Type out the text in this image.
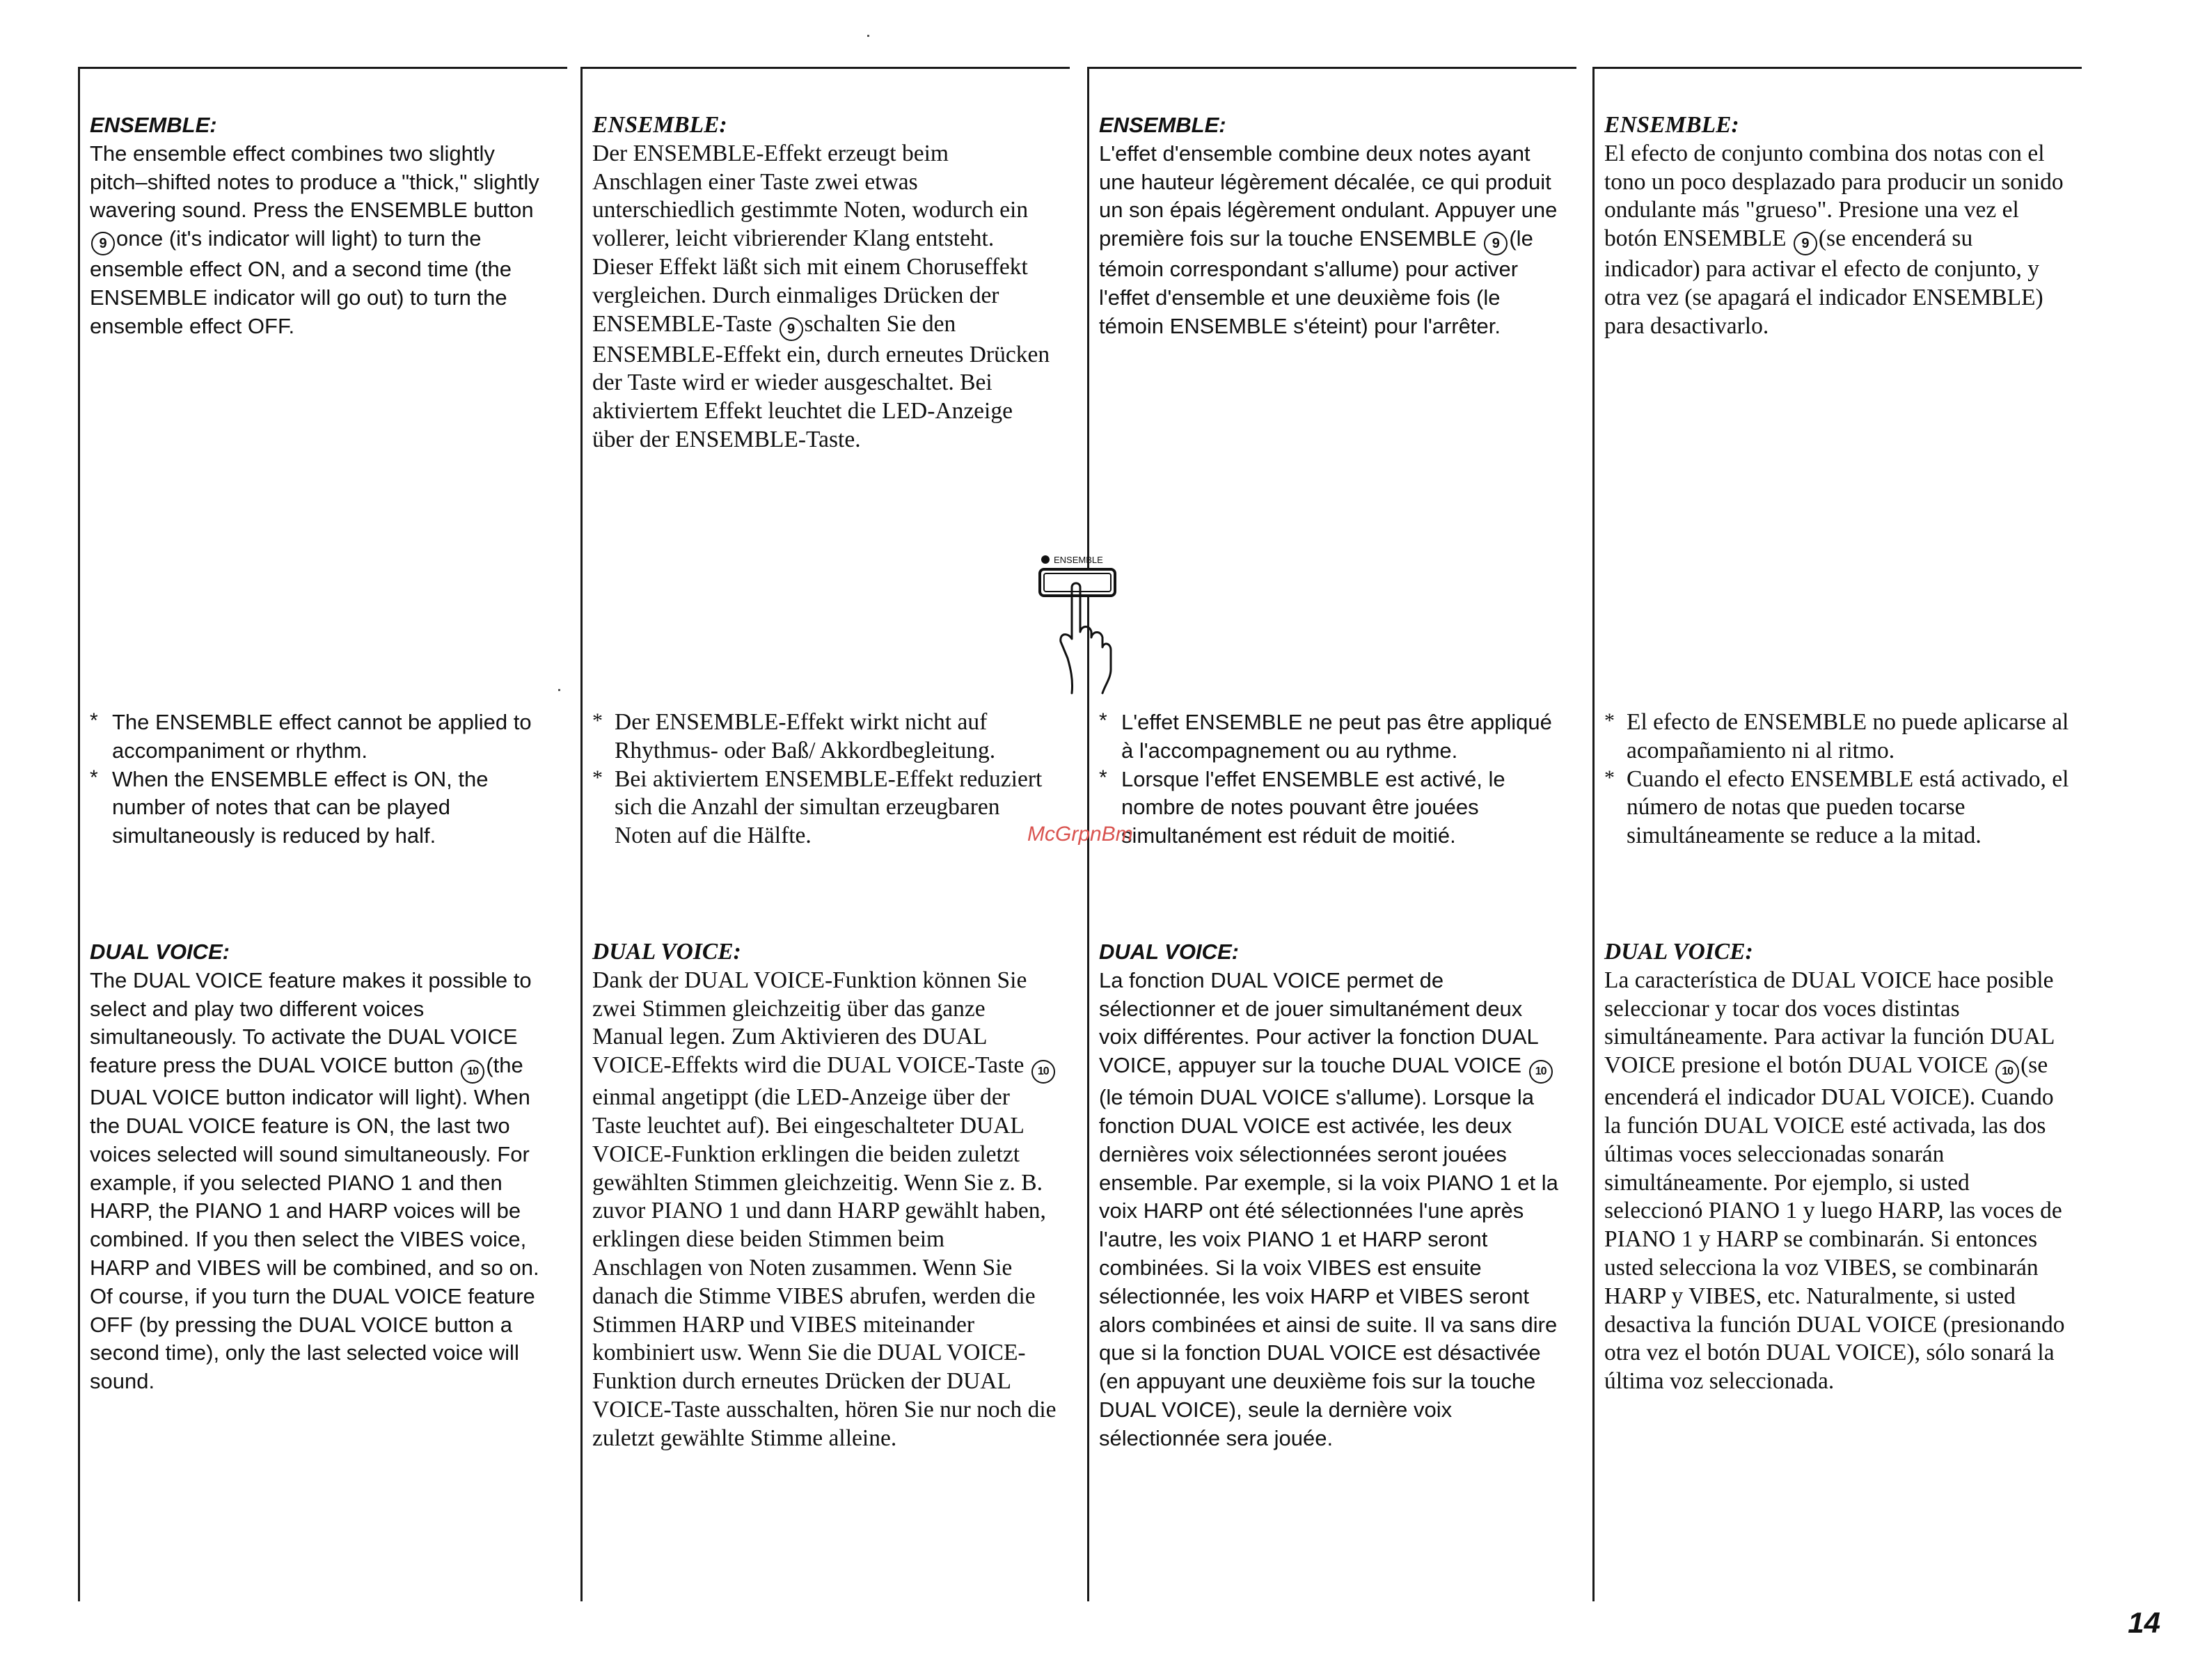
ENSEMBLE:
The ensemble effect combines two slightly pitch–shifted notes to produce a "thick," slightly wavering sound. Press the ENSEMBLE button 9 once (it's indicator will light) to turn the ensemble effect ON, and a second time (the ENSEMBLE indicator will go out) to turn the ensemble effect OFF.

* The ENSEMBLE effect cannot be applied to accompaniment or rhythm.

* When the ENSEMBLE effect is ON, the number of notes that can be played simultaneously is reduced by half.

DUAL VOICE:
The DUAL VOICE feature makes it possible to select and play two different voices simultaneously. To activate the DUAL VOICE feature press the DUAL VOICE button 10 (the DUAL VOICE button indicator will light). When the DUAL VOICE feature is ON, the last two voices selected will sound simultaneously. For example, if you selected PIANO 1 and then HARP, the PIANO 1 and HARP voices will be combined. If you then select the VIBES voice, HARP and VIBES will be combined, and so on. Of course, if you turn the DUAL VOICE feature OFF (by pressing the DUAL VOICE button a second time), only the last selected voice will sound.
ENSEMBLE:
Der ENSEMBLE-Effekt erzeugt beim Anschlagen einer Taste zwei etwas unterschiedlich gestimmte Noten, wodurch ein vollerer, leicht vibrierender Klang entsteht. Dieser Effekt läßt sich mit einem Choruseffekt vergleichen. Durch einmaliges Drücken der ENSEMBLE-Taste 9 schalten Sie den ENSEMBLE-Effekt ein, durch erneutes Drücken der Taste wird er wieder ausgeschaltet. Bei aktiviertem Effekt leuchtet die LED-Anzeige über der ENSEMBLE-Taste.

* Der ENSEMBLE-Effekt wirkt nicht auf Rhythmus- oder Baß/ Akkordbegleitung.

* Bei aktiviertem ENSEMBLE-Effekt reduziert sich die Anzahl der simultan erzeugbaren Noten auf die Hälfte.

DUAL VOICE:
Dank der DUAL VOICE-Funktion können Sie zwei Stimmen gleichzeitig über das ganze Manual legen. Zum Aktivieren des DUAL VOICE-Effekts wird die DUAL VOICE-Taste 10einmal angetippt (die LED-Anzeige über der Taste leuchtet auf). Bei eingeschalteter DUAL VOICE-Funktion erklingen die beiden zuletzt gewählten Stimmen gleichzeitig. Wenn Sie z. B. zuvor PIANO 1 und dann HARP gewählt haben, erklingen diese beiden Stimmen beim Anschlagen von Noten zusammen. Wenn Sie danach die Stimme VIBES abrufen, werden die Stimmen HARP und VIBES miteinander kombiniert usw. Wenn Sie die DUAL VOICE-Funktion durch erneutes Drücken der DUAL VOICE-Taste ausschalten, hören Sie nur noch die zuletzt gewählte Stimme alleine.
ENSEMBLE:
L'effet d'ensemble combine deux notes ayant une hauteur légèrement décalée, ce qui produit un son épais légèrement ondulant. Appuyer une première fois sur la touche ENSEMBLE 9 (le témoin correspondant s'allume) pour activer l'effet d'ensemble et une deuxième fois (le témoin ENSEMBLE s'éteint) pour l'arrêter.

* L'effet ENSEMBLE ne peut pas être appliqué à l'accompagnement ou au rythme.

* Lorsque l'effet ENSEMBLE est activé, le nombre de notes pouvant être jouées simultanément est réduit de moitié.

DUAL VOICE:
La fonction DUAL VOICE permet de sélectionner et de jouer simultanément deux voix différentes. Pour activer la fonction DUAL VOICE, appuyer sur la touche DUAL VOICE 10(le témoin DUAL VOICE s'allume). Lorsque la fonction DUAL VOICE est activée, les deux dernières voix sélectionnées seront jouées ensemble. Par exemple, si la voix PIANO 1 et la voix HARP ont été sélectionnées l'une après l'autre, les voix PIANO 1 et HARP seront combinées. Si la voix VIBES est ensuite sélectionnée, les voix HARP et VIBES seront alors combinées et ainsi de suite. Il va sans dire que si la fonction DUAL VOICE est désactivée (en appuyant une deuxième fois sur la touche DUAL VOICE), seule la dernière voix sélectionnée sera jouée.
ENSEMBLE:
El efecto de conjunto combina dos notas con el tono un poco desplazado para producir un sonido ondulante más "grueso". Presione una vez el botón ENSEMBLE 9 (se encenderá su indicador) para activar el efecto de conjunto, y otra vez (se apagará el indicador ENSEMBLE) para desactivarlo.

* El efecto de ENSEMBLE no puede aplicarse al acompañamiento ni al ritmo.

* Cuando el efecto ENSEMBLE está activado, el número de notas que pueden tocarse simultáneamente se reduce a la mitad.

DUAL VOICE:
La característica de DUAL VOICE hace posible seleccionar y tocar dos voces distintas simultáneamente. Para activar la función DUAL VOICE presione el botón DUAL VOICE 10 (se encenderá el indicador DUAL VOICE). Cuando la función DUAL VOICE esté activada, las dos últimas voces seleccionadas sonarán simultáneamente. Por ejemplo, si usted seleccionó PIANO 1 y luego HARP, las voces de PIANO 1 y HARP se combinarán. Si entonces usted selecciona la voz VIBES, se combinarán HARP y VIBES, etc. Naturalmente, si usted desactiva la función DUAL VOICE (presionando otra vez el botón DUAL VOICE), sólo sonará la última voz seleccionada.
ENSEMBLE
McGrpnBm
14
